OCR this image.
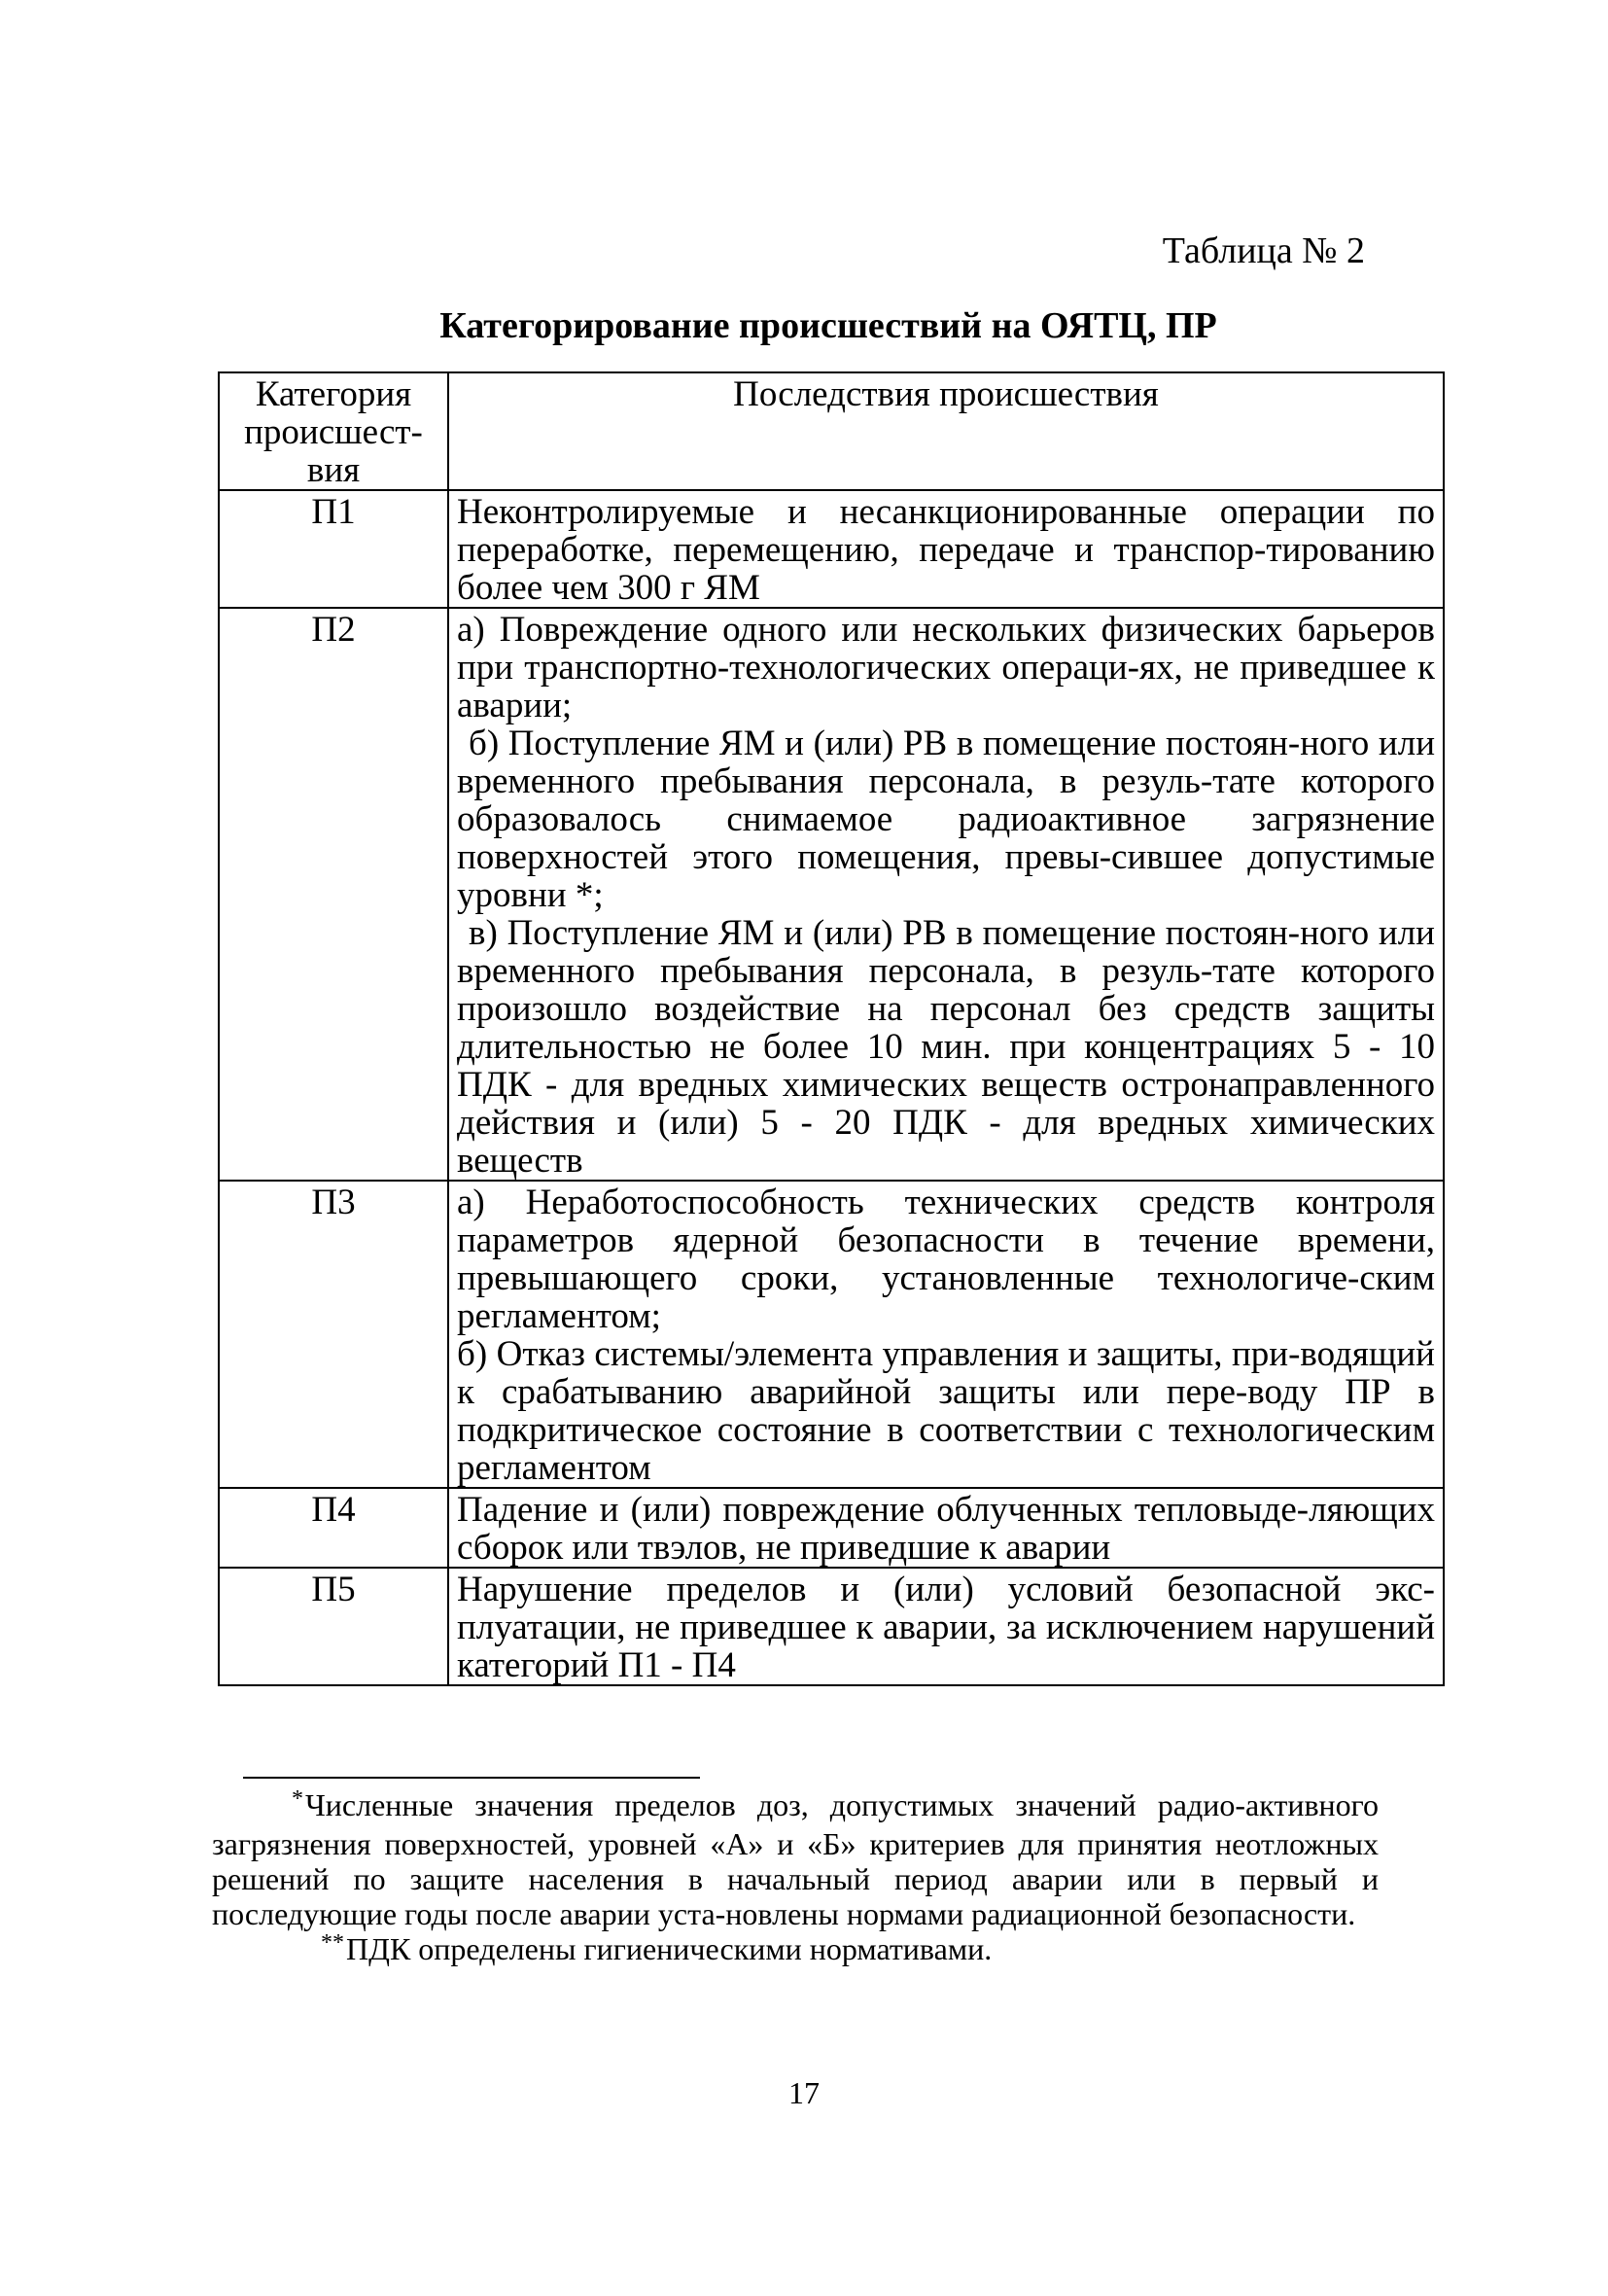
Таблица № 2

Категорирование происшествий на ОЯТЦ, ПР
Категория происшест-вия	Последствия происшествия
П1	Неконтролируемые и несанкционированные операции по переработке, перемещению, передаче и транспор-тированию более чем 300 г ЯМ

П2	а) Повреждение одного или нескольких физических барьеров при транспортно-технологических операци-ях, не приведшее к аварии;

б) Поступление ЯМ и (или) РВ в помещение постоян-ного или временного пребывания персонала, в резуль-тате которого образовалось снимаемое радиоактивное загрязнение поверхностей этого помещения, превы-сившее допустимые уровни *;

в) Поступление ЯМ и (или) РВ в помещение постоян-ного или временного пребывания персонала, в резуль-тате которого произошло воздействие на персонал без средств защиты длительностью не более 10 мин. при концентрациях 5 - 10 ПДК - для вредных химических веществ остронаправленного действия и (или) 5 - 20 ПДК - для вредных химических веществ

П3	а) Неработоспособность технических средств контроля параметров ядерной безопасности в течение времени, превышающего сроки, установленные технологиче-ским регламентом;

б) Отказ системы/элемента управления и защиты, при-водящий к срабатыванию аварийной защиты или пере-воду ПР в подкритическое состояние в соответствии с технологическим регламентом

П4	Падение и (или) повреждение облученных тепловыде-ляющих сборок или твэлов, не приведшие к аварии

П5	Нарушение пределов и (или) условий безопасной экс-плуатации, не приведшее к аварии, за исключением нарушений категорий П1 - П4

*Численные значения пределов доз, допустимых значений радио-активного загрязнения поверхностей, уровней «А» и «Б» критериев для принятия неотложных решений по защите населения в начальный период аварии или в первый и последующие годы после аварии уста-новлены нормами радиационной безопасности.

**ПДК определены гигиеническими нормативами.

17
